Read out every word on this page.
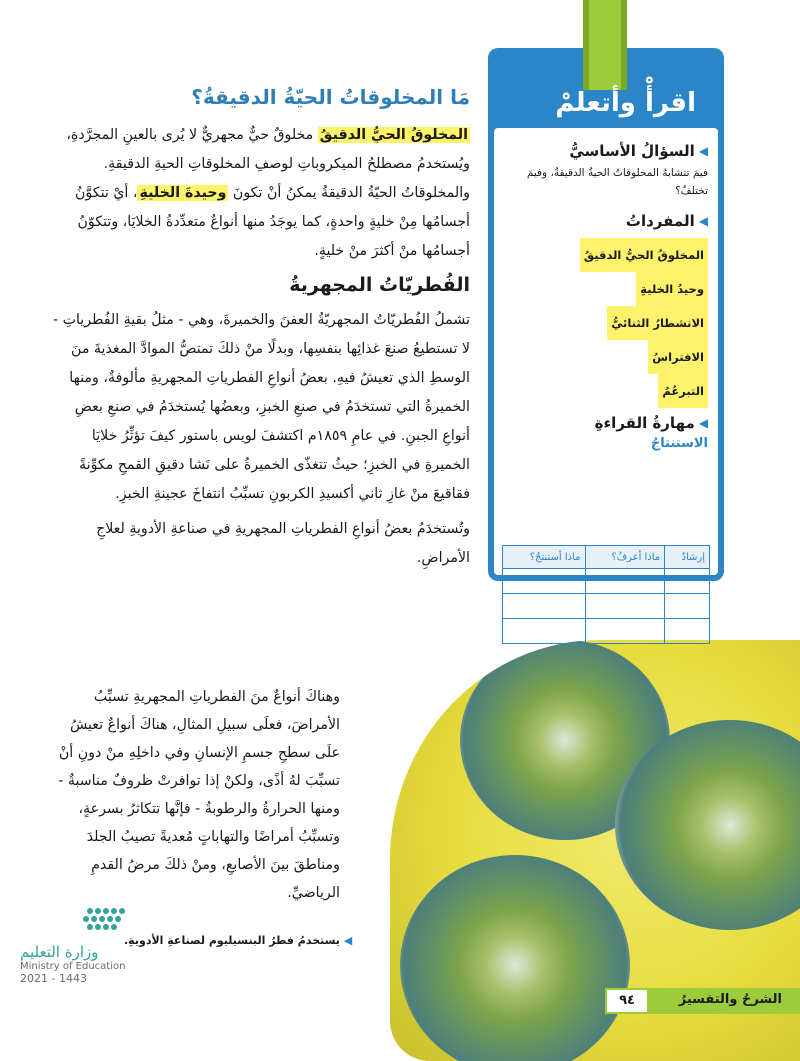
مَا المخلوقاتُ الحيّةُ الدقيقةُ؟

المخلوقُ الحيُّ الدقيقُ مخلوقٌ حيٌّ مجهريٌّ لا يُرى بالعينِ المجرَّدةِ، ويُستخدمُ مصطلحُ الميكروباتِ لوصفِ المخلوقاتِ الحيةِ الدقيقةِ. والمخلوقاتُ الحيّةُ الدقيقةُ يمكنُ أنْ تكونَ وحيدةَ الخليةِ، أيْ تتكوَّنُ أجسامُها مِنْ خليةٍ واحدةٍ، كما يوجَدُ منها أنواعٌ متعدِّدةُ الخلايَا، وتتكوّنُ أجسامُها منْ أكثرَ منْ خليةٍ.

الفُطريّاتُ المجهريةُ

تشملُ الفُطريّاتُ المجهريّةُ العفنَ والخميرةَ، وهي - مثلُ بقيةِ الفُطرياتِ - لا تستطيعُ صنعَ غذائِها بنفسِها، وبدلًا منْ ذلكَ تمتصُّ الموادَّ المغذيةَ منَ الوسطِ الذي تعيشُ فيهِ. بعضُ أنواعِ الفطرياتِ المجهريةِ مألوفةٌ، ومنها الخميرةُ التي تستخدَمُ في صنعِ الخبزِ، وبعضُها يُستخدَمُ في صنعِ بعضِ أنواعِ الجبنِ. في عامِ ١٨٥٩م اكتشفَ لويس باستور كيفَ تؤثِّرُ خلايَا الخميرةِ في الخبزِ؛ حيثُ تتغذّى الخميرةُ على نَشا دقيقِ القمحِ مكوِّنةً فقاقيعَ منْ غازِ ثاني أكسيدِ الكربونِ تسبِّبُ انتفاخَ عجينةِ الخبزِ.

وتُستخدَمُ بعضُ أنواعِ الفطرياتِ المجهريةِ في صناعةِ الأدويةِ لعلاجِ الأمراضِ.

وهناكَ أنواعٌ منَ الفطرياتِ المجهريةِ تسبِّبُ الأمراضَ، فعلَى سبيلِ المثالِ، هناكَ أنواعٌ تعيشُ علَى سطحِ جسمِ الإنسانِ وفي داخلِهِ منْ دونِ أنْ تسبِّبَ لهُ أذًى، ولكنْ إذا توافرتْ ظروفٌ مناسبةٌ - ومنها الحرارةُ والرطوبةُ - فإنَّها تتكاثرُ بسرعةٍ، وتسبِّبُ أمراضًا والتهاباتٍ مُعديةً تصيبُ الجلدَ ومناطقَ بينَ الأصابعِ، ومنْ ذلكَ مرضُ القدمِ الرياضيِّ.

اقرأْ وأتعلمْ

◀
السؤالُ الأساسيُّ

فيمَ تتشابهُ المخلوقاتُ الحيةُ الدقيقةُ، وفيمَ تختلفُ؟

◀
المفرداتُ

المخلوقُ الحيُّ الدقيقُ
وحيدُ الخليةِ
الانشطارُ الثنائيُّ
الافتراسُ
التبرعُمُ

◀
مهارةُ القراءةِ

الاستنتاجُ
إرشادٌ	ماذا أعرفُ؟	ماذا أستنتجُ؟

وزارة التعليم
Ministry of Education
2021 - 1443
◀ يستخدمُ فطرُ البنسيليوم لصناعةِ الأدويةِ.
الشرحُ والتفسيرُ
٩٤
